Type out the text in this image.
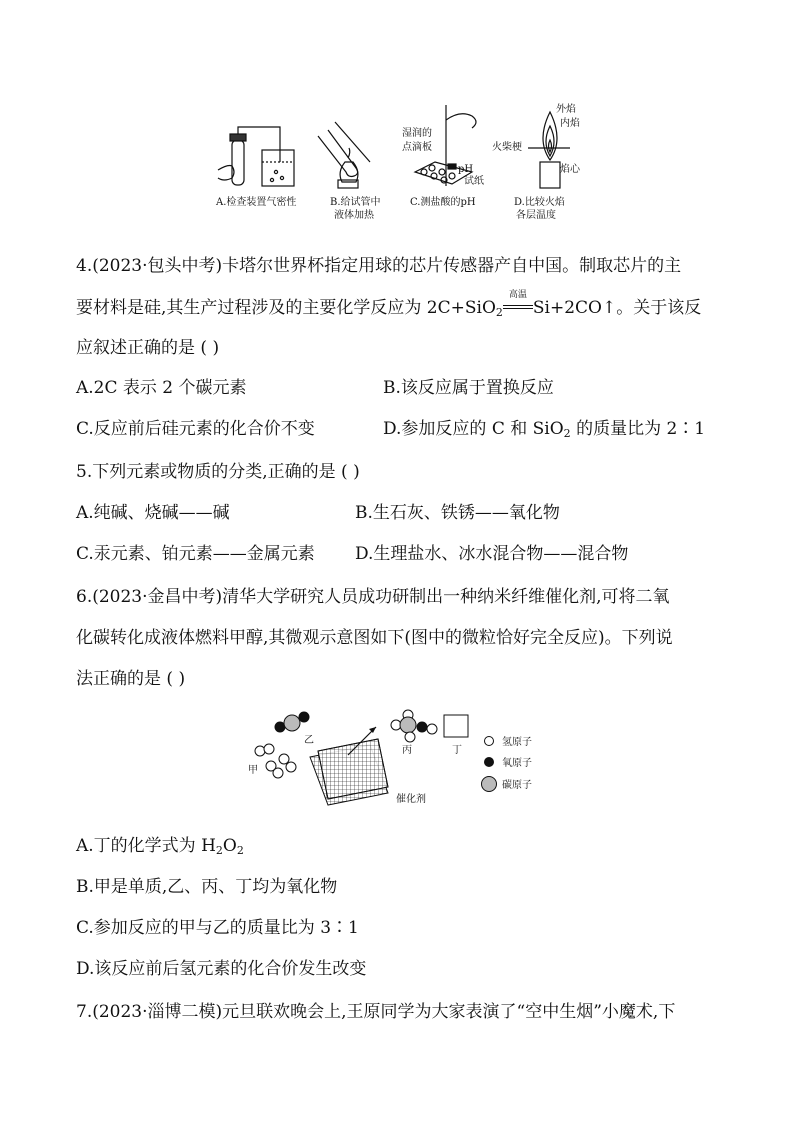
A.检查装置气密性	B.给试管中
液体加热
湿润的
点滴板
pH
试纸
C.测盐酸的pH
外焰
内焰
火柴梗
焰心
D.比较火焰
各层温度
4.(2023·包头中考)卡塔尔世界杯指定用球的芯片传感器产自中国。制取芯片的主
要材料是硅,其生产过程涉及的主要化学反应为 2C+SiO$_2$
高温
Si+2CO↑。关于该反
应叙述正确的是 ( )
A.2C 表示 2 个碳元素	B.该反应属于置换反应
C.反应前后硅元素的化合价不变	D.参加反应的 C 和 SiO$_2$ 的质量比为 2∶1
5.下列元素或物质的分类,正确的是 ( )
A.纯碱、烧碱——碱	B.生石灰、铁锈——氧化物
C.汞元素、铂元素——金属元素 D.生理盐水、冰水混合物——混合物
6.(2023·金昌中考)清华大学研究人员成功研制出一种纳米纤维催化剂,可将二氧
化碳转化成液体燃料甲醇,其微观示意图如下(图中的微粒恰好完全反应)。下列说
法正确的是 ( )
甲
乙
丙	丁
氢原子
氧原子
碳原子
催化剂
A.丁的化学式为 $H_2O_2$
B.甲是单质,乙、丙、丁均为氧化物
C.参加反应的甲与乙的质量比为 3∶1
D.该反应前后氢元素的化合价发生改变
7.(2023·淄博二模)元旦联欢晚会上,王原同学为大家表演了“空中生烟”小魔术,下
